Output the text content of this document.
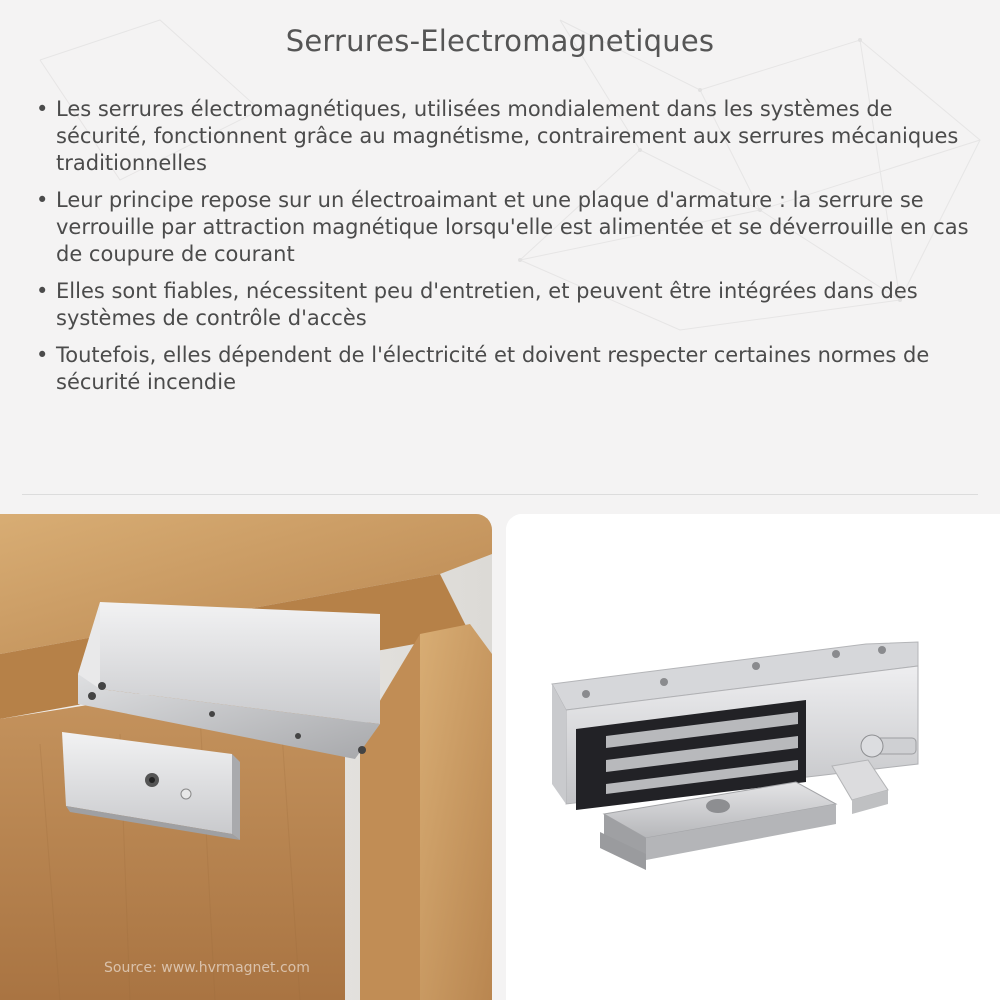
Serrures-Electromagnetiques
• Les serrures électromagnétiques, utilisées mondialement dans les systèmes de sécurité, fonctionnent grâce au magnétisme, contrairement aux serrures mécaniques traditionnelles
• Leur principe repose sur un électroaimant et une plaque d'armature : la serrure se verrouille par attraction magnétique lorsqu'elle est alimentée et se déverrouille en cas de coupure de courant
• Elles sont fiables, nécessitent peu d'entretien, et peuvent être intégrées dans des systèmes de contrôle d'accès
• Toutefois, elles dépendent de l'électricité et doivent respecter certaines normes de sécurité incendie
Source: www.hvrmagnet.com
